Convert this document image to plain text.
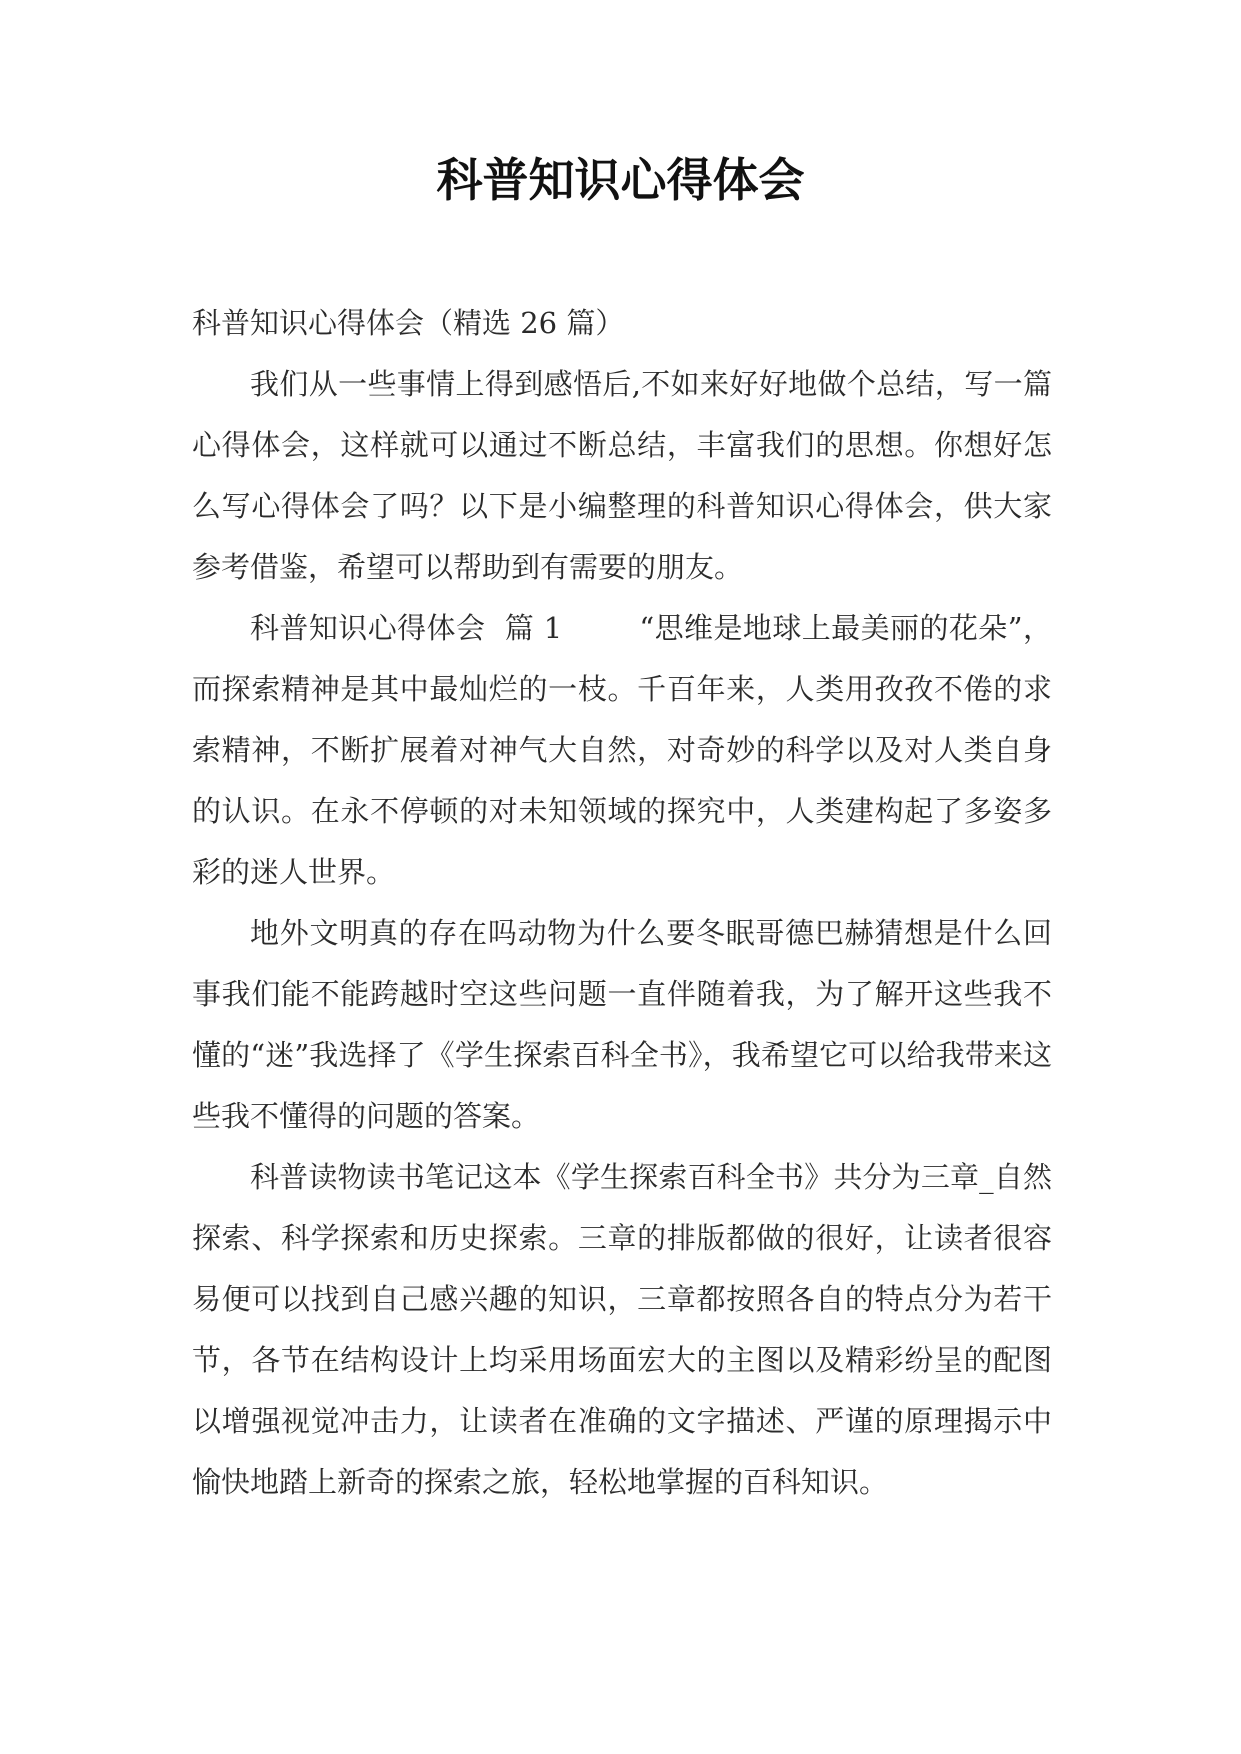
科普知识心得体会

科普知识心得体会（精选 26 篇）

我们从一些事情上得到感悟后,不如来好好地做个总结，写一篇心得体会，这样就可以通过不断总结，丰富我们的思想。你想好怎么写心得体会了吗？以下是小编整理的科普知识心得体会，供大家参考借鉴，希望可以帮助到有需要的朋友。

科普知识心得体会  篇 1        “思维是地球上最美丽的花朵”，而探索精神是其中最灿烂的一枝。千百年来，人类用孜孜不倦的求索精神，不断扩展着对神气大自然，对奇妙的科学以及对人类自身的认识。在永不停顿的对未知领域的探究中，人类建构起了多姿多彩的迷人世界。

地外文明真的存在吗动物为什么要冬眠哥德巴赫猜想是什么回事我们能不能跨越时空这些问题一直伴随着我，为了解开这些我不懂的“迷”我选择了《学生探索百科全书》，我希望它可以给我带来这些我不懂得的问题的答案。

科普读物读书笔记这本《学生探索百科全书》共分为三章_自然探索、科学探索和历史探索。三章的排版都做的很好，让读者很容易便可以找到自己感兴趣的知识，三章都按照各自的特点分为若干节，各节在结构设计上均采用场面宏大的主图以及精彩纷呈的配图以增强视觉冲击力，让读者在准确的文字描述、严谨的原理揭示中愉快地踏上新奇的探索之旅，轻松地掌握的百科知识。
